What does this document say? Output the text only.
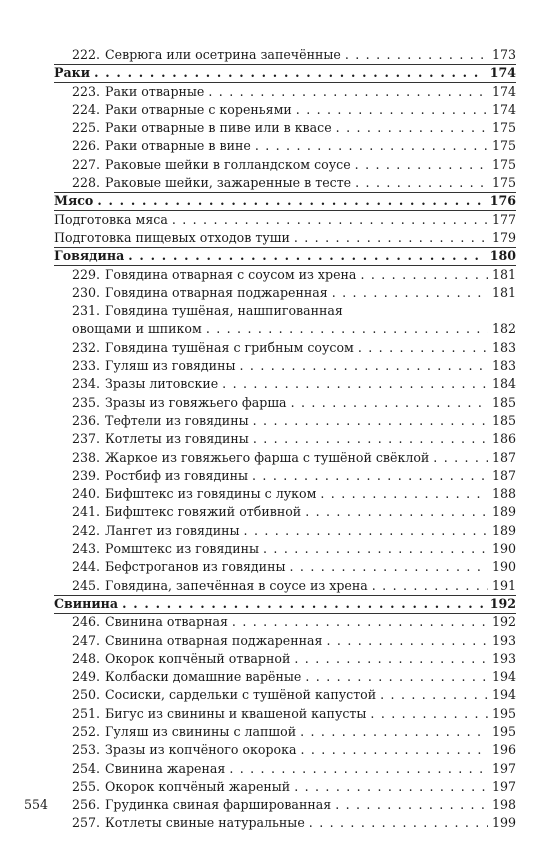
222. Севрюга или осетрина запечённые . . .	173
Раки . . .	174
223. Раки отварные . . .	174
224. Раки отварные с кореньями . . .	174
225. Раки отварные в пиве или в квасе . . .	175
226. Раки отварные в вине . . .	175
227. Раковые шейки в голландском соусе . . .	175
228. Раковые шейки, зажаренные в тесте . . .	175
Мясо . . .	176
Подготовка мяса . . .	177
Подготовка пищевых отходов туши . . .	179
Говядина . . .	180
229. Говядина отварная с соусом из хрена . . .	181
230. Говядина отварная поджаренная . . .	181
231. Говядина тушёная, нашпигованная
овощами и шпиком . . .	182
232. Говядина тушёная с грибным соусом . . .	183
233. Гуляш из говядины . . .	183
234. Зразы литовские . . .	184
235. Зразы из говяжьего фарша . . .	185
236. Тефтели из говядины . . .	185
237. Котлеты из говядины . . .	186
238. Жаркое из говяжьего фарша с тушёной свёклой . . .	187
239. Ростбиф из говядины . . .	187
240. Бифштекс из говядины с луком . . .	188
241. Бифштекс говяжий отбивной . . .	189
242. Лангет из говядины . . .	189
243. Ромштекс из говядины . . .	190
244. Бефстроганов из говядины . . .	190
245. Говядина, запечённая в соусе из хрена . . .	191
Свинина . . .	192
246. Свинина отварная . . .	192
247. Свинина отварная поджаренная . . .	193
248. Окорок копчёный отварной . . .	193
249. Колбаски домашние варёные . . .	194
250. Сосиски, сардельки с тушёной капустой . . .	194
251. Бигус из свинины и квашеной капусты . . .	195
252. Гуляш из свинины с лапшой . . .	195
253. Зразы из копчёного окорока . . .	196
254. Свинина жареная . . .	197
255. Окорок копчёный жареный . . .	197
256. Грудинка свиная фаршированная . . .	198
257. Котлеты свиные натуральные . . .	199
554
